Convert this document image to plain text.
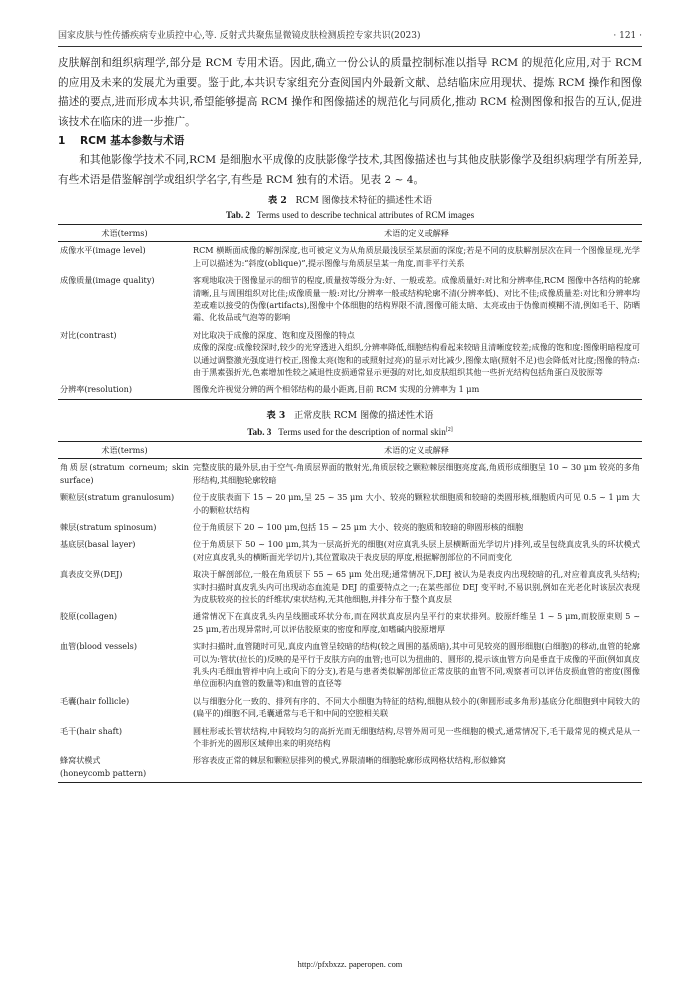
国家皮肤与性传播疾病专业质控中心,等. 反射式共聚焦显微镜皮肤检测质控专家共识(2023)	· 121 ·

皮肤解剖和组织病理学,部分是 RCM 专用术语。因此,确立一份公认的质量控制标准以指导 RCM 的规范化应用,对于 RCM 的应用及未来的发展尤为重要。鉴于此,本共识专家组充分查阅国内外最新文献、总结临床应用现状、提炼 RCM 操作和图像描述的要点,进而形成本共识,希望能够提高 RCM 操作和图像描述的规范化与同质化,推动 RCM 检测图像和报告的互认,促进该技术在临床的进一步推广。

1 RCM 基本参数与术语

和其他影像学技术不同,RCM 是细胞水平成像的皮肤影像学技术,其图像描述也与其他皮肤影像学及组织病理学有所差异,有些术语是借鉴解剖学或组织学名字,有些是 RCM 独有的术语。见表 2 ~ 4。

表 2 RCM 图像技术特征的描述性术语

Tab. 2 Terms used to describe technical attributes of RCM images

术语(terms)	术语的定义或解释
成像水平(image level)	RCM 横断面成像的解剖深度,也可被定义为从角质层最浅层至某层面的深度;若是不同的皮肤解剖层次在同一个图像显现,光学上可以描述为:“斜度(oblique)”,提示图像与角质层呈某一角度,而非平行关系
成像质量(image quality)	客观地取决于图像显示的细节的程度,质量按等级分为:好、一般或差。成像质量好:对比和分辨率佳,RCM 图像中各结构的轮廓清晰,且与周围组织对比佳;成像质量一般:对比/分辨率一般或结构轮廓不清(分辨率低)、对比不佳;成像质量差:对比和分辨率均差或难以接受的伪像(artifacts),图像中个体细胞的结构界限不清,图像可能太暗、太亮或由于伪像而模糊不清,例如毛干、防晒霜、化妆品或气泡等的影响
对比(contrast)	对比取决于成像的深度、饱和度及图像的特点
成像的深度:成像较深时,较少的光穿透进入组织,分辨率降低,细胞结构看起来较暗且清晰度较差;成像的饱和度:图像明暗程度可以通过调整激光强度进行校正,图像太亮(饱和的或照射过亮)的显示对比减少,图像太暗(照射不足)也会降低对比度;图像的特点:由于黑素强折光,色素增加性较之减退性皮损通常显示更强的对比,如皮肤组织其他一些折光结构包括角蛋白及胶原等
分辨率(resolution)	图像允许视觉分辨的两个相邻结构的最小距离,目前 RCM 实现的分辨率为 1 μm

表 3 正常皮肤 RCM 图像的描述性术语

Tab. 3 Terms used for the description of normal skin[2]

术语(terms)	术语的定义或解释
角质层(stratum corneum; skin surface)	完整皮肤的最外层,由于空气-角质层界面的散射光,角质层较之颗粒棘层细胞亮度高,角质形成细胞呈 10 ~ 30 μm 较亮的多角形结构,其细胞轮廓较暗
颗粒层(stratum granulosum)	位于皮肤表面下 15 ~ 20 μm,呈 25 ~ 35 μm 大小、较亮的颗粒状细胞质和较暗的类圆形核,细胞质内可见 0.5 ~ 1 μm 大小的颗粒状结构
棘层(stratum spinosum)	位于角质层下 20 ~ 100 μm,包括 15 ~ 25 μm 大小、较亮的胞质和较暗的卵圆形核的细胞
基底层(basal layer)	位于角质层下 50 ~ 100 μm,其为一层高折光的细胞(对应真乳头层上层横断面光学切片)排列,或呈包绕真皮乳头的环状模式(对应真皮乳头的横断面光学切片),其位置取决于表皮层的厚度,根据解剖部位的不同而变化
真表皮交界(DEJ)	取决于解剖部位,一般在角质层下 55 ~ 65 μm 处出现;通常情况下,DEJ 被认为是表皮内出现较暗的孔,对应着真皮乳头结构;实时扫描时真皮乳头内可出现动态血流是 DEJ 的重要特点之一;在某些部位 DEJ 变平时,不易识别,例如在光老化时该层次表现为皮肤较亮的拉长的纤维状/束状结构,无其他细胞,并排分布于整个真皮层
胶原(collagen)	通常情况下在真皮乳头内呈线圈或环状分布,而在网状真皮层内呈平行的束状排列。胶原纤维呈 1 ~ 5 μm,而胶原束则 5 ~ 25 μm,若出现异常时,可以评估胶原束的密度和厚度,如嗜碱内胶原增厚
血管(blood vessels)	实时扫描时,血管随时可见,真皮内血管呈较暗的结构(较之周围的基质暗),其中可见较亮的圆形细胞(白细胞)的移动,血管的轮廓可以为:管状(拉长的)反映的是平行于皮肤方向的血管;也可以为扭曲的、圆形的,提示该血管方向是垂直于成像的平面(例如真皮乳头内毛细血管袢中向上或向下的分支),若是与患者类似解剖部位正常皮肤的血管不同,观察者可以评估皮损血管的密度(图像单位面积内血管的数量等)和血管的直径等
毛囊(hair follicle)	以与细胞分化一致的、排列有序的、不同大小细胞为特征的结构,细胞从较小的(卵圆形或多角形)基底分化细胞到中间较大的(扁平的)细胞不同,毛囊通常与毛干和中间的空腔相关联
毛干(hair shaft)	圆柱形或长管状结构,中间较均匀的高折光而无细胞结构,尽管外周可见一些细胞的模式,通常情况下,毛干最常见的模式是从一个非折光的圆形区域伸出来的明亮结构
蜂窝状模式
(honeycomb pattern)	形容表皮正常的棘层和颗粒层排列的模式,界限清晰的细胞轮廓形成网格状结构,形似蜂窝
http://pfxbxzz. paperopen. com
